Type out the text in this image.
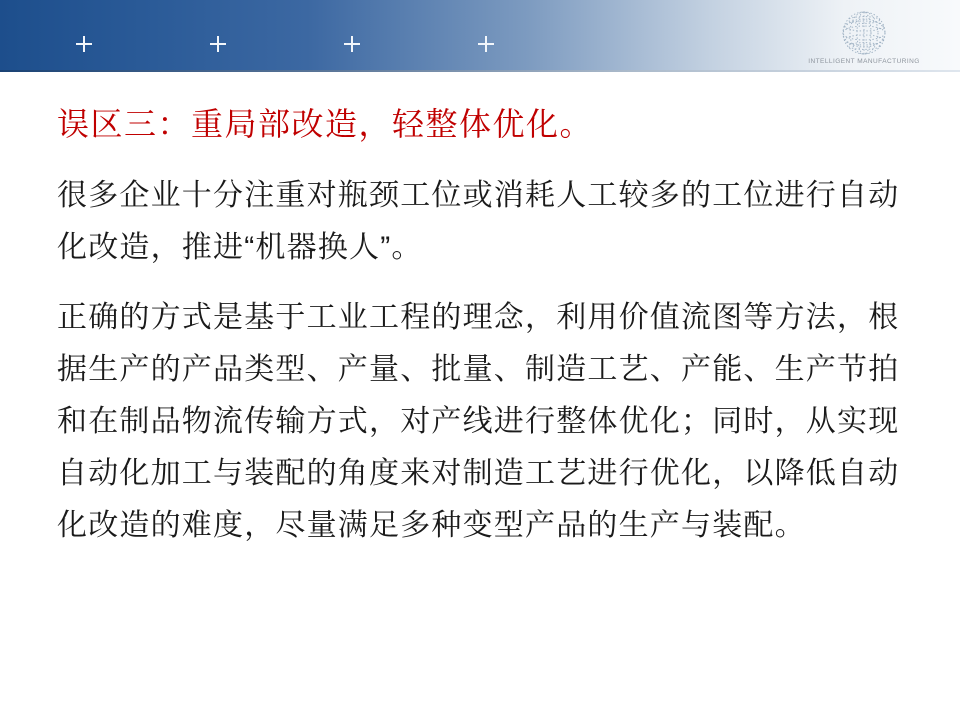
INTELLIGENT MANUFACTURING
误区三：重局部改造，轻整体优化。
很多企业十分注重对瓶颈工位或消耗人工较多的工位进行自动
化改造，推进“机器换人”。
正确的方式是基于工业工程的理念，利用价值流图等方法，根
据生产的产品类型、产量、批量、制造工艺、产能、生产节拍
和在制品物流传输方式，对产线进行整体优化；同时，从实现
自动化加工与装配的角度来对制造工艺进行优化，以降低自动
化改造的难度，尽量满足多种变型产品的生产与装配。
